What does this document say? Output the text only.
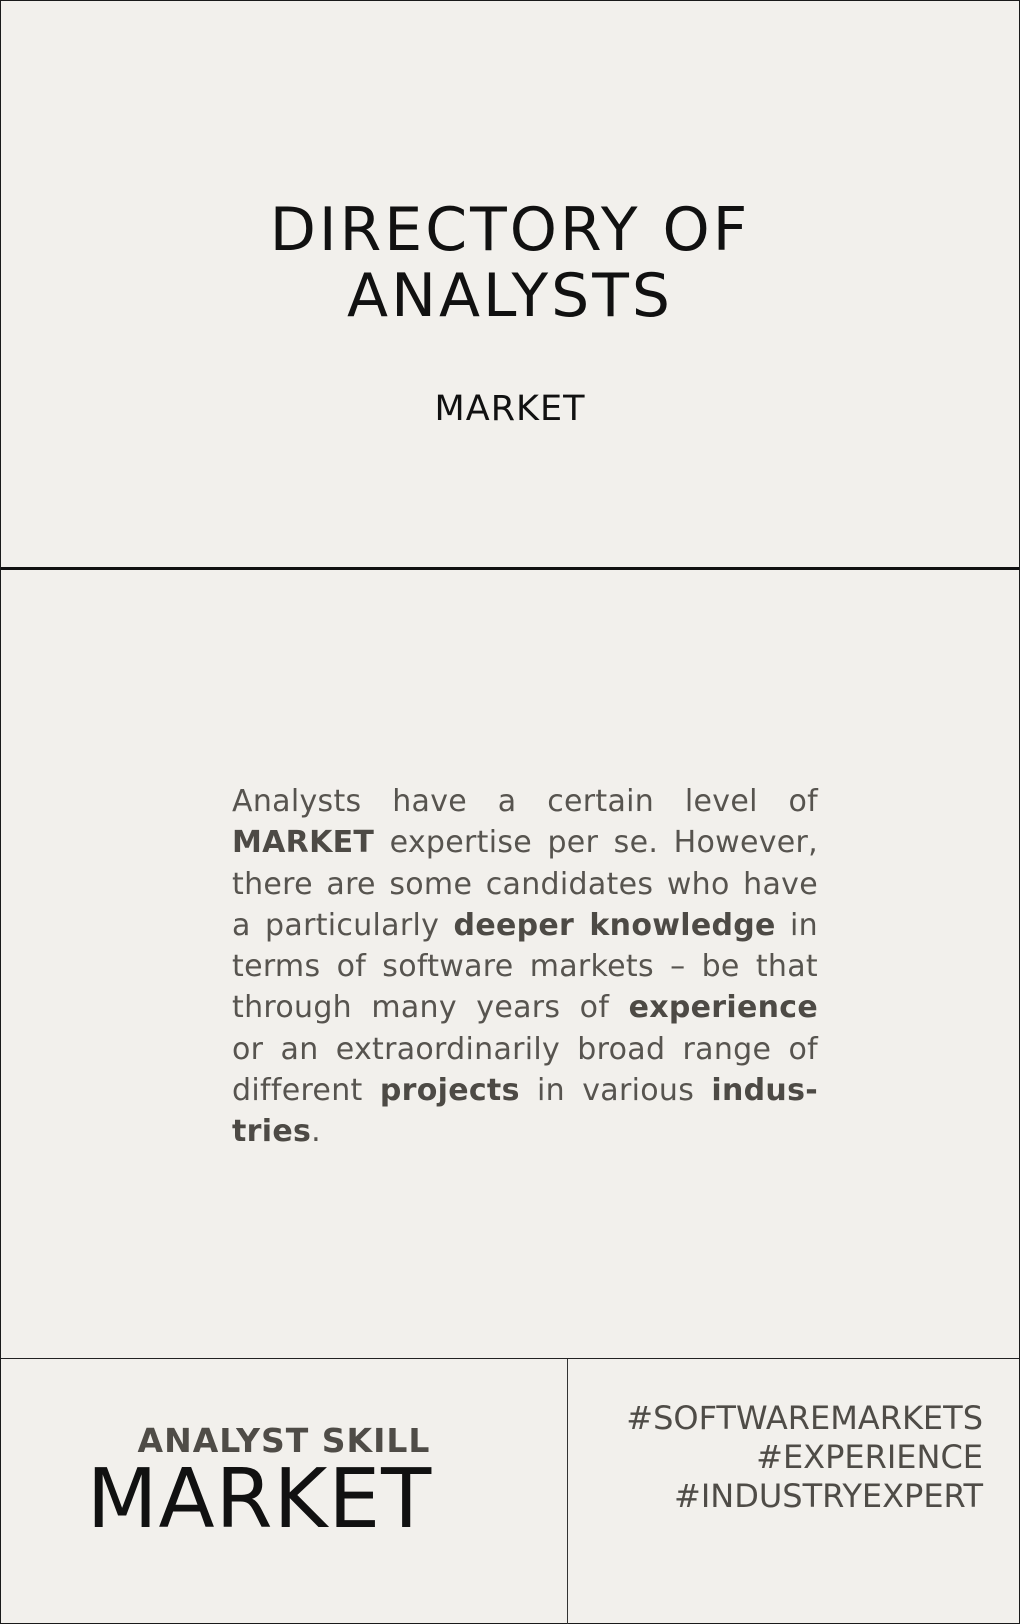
DIRECTORY OF
ANALYSTS
MARKET
Analysts have a certain level of MARKET expertise per se. However, there are some candidates who have a particularly deeper knowledge in terms of software markets – be that through many years of experience or an extraordinarily broad range of different projects in various indus-tries.
ANALYST SKILL
MARKET
#SOFTWAREMARKETS
#EXPERIENCE
#INDUSTRYEXPERT
